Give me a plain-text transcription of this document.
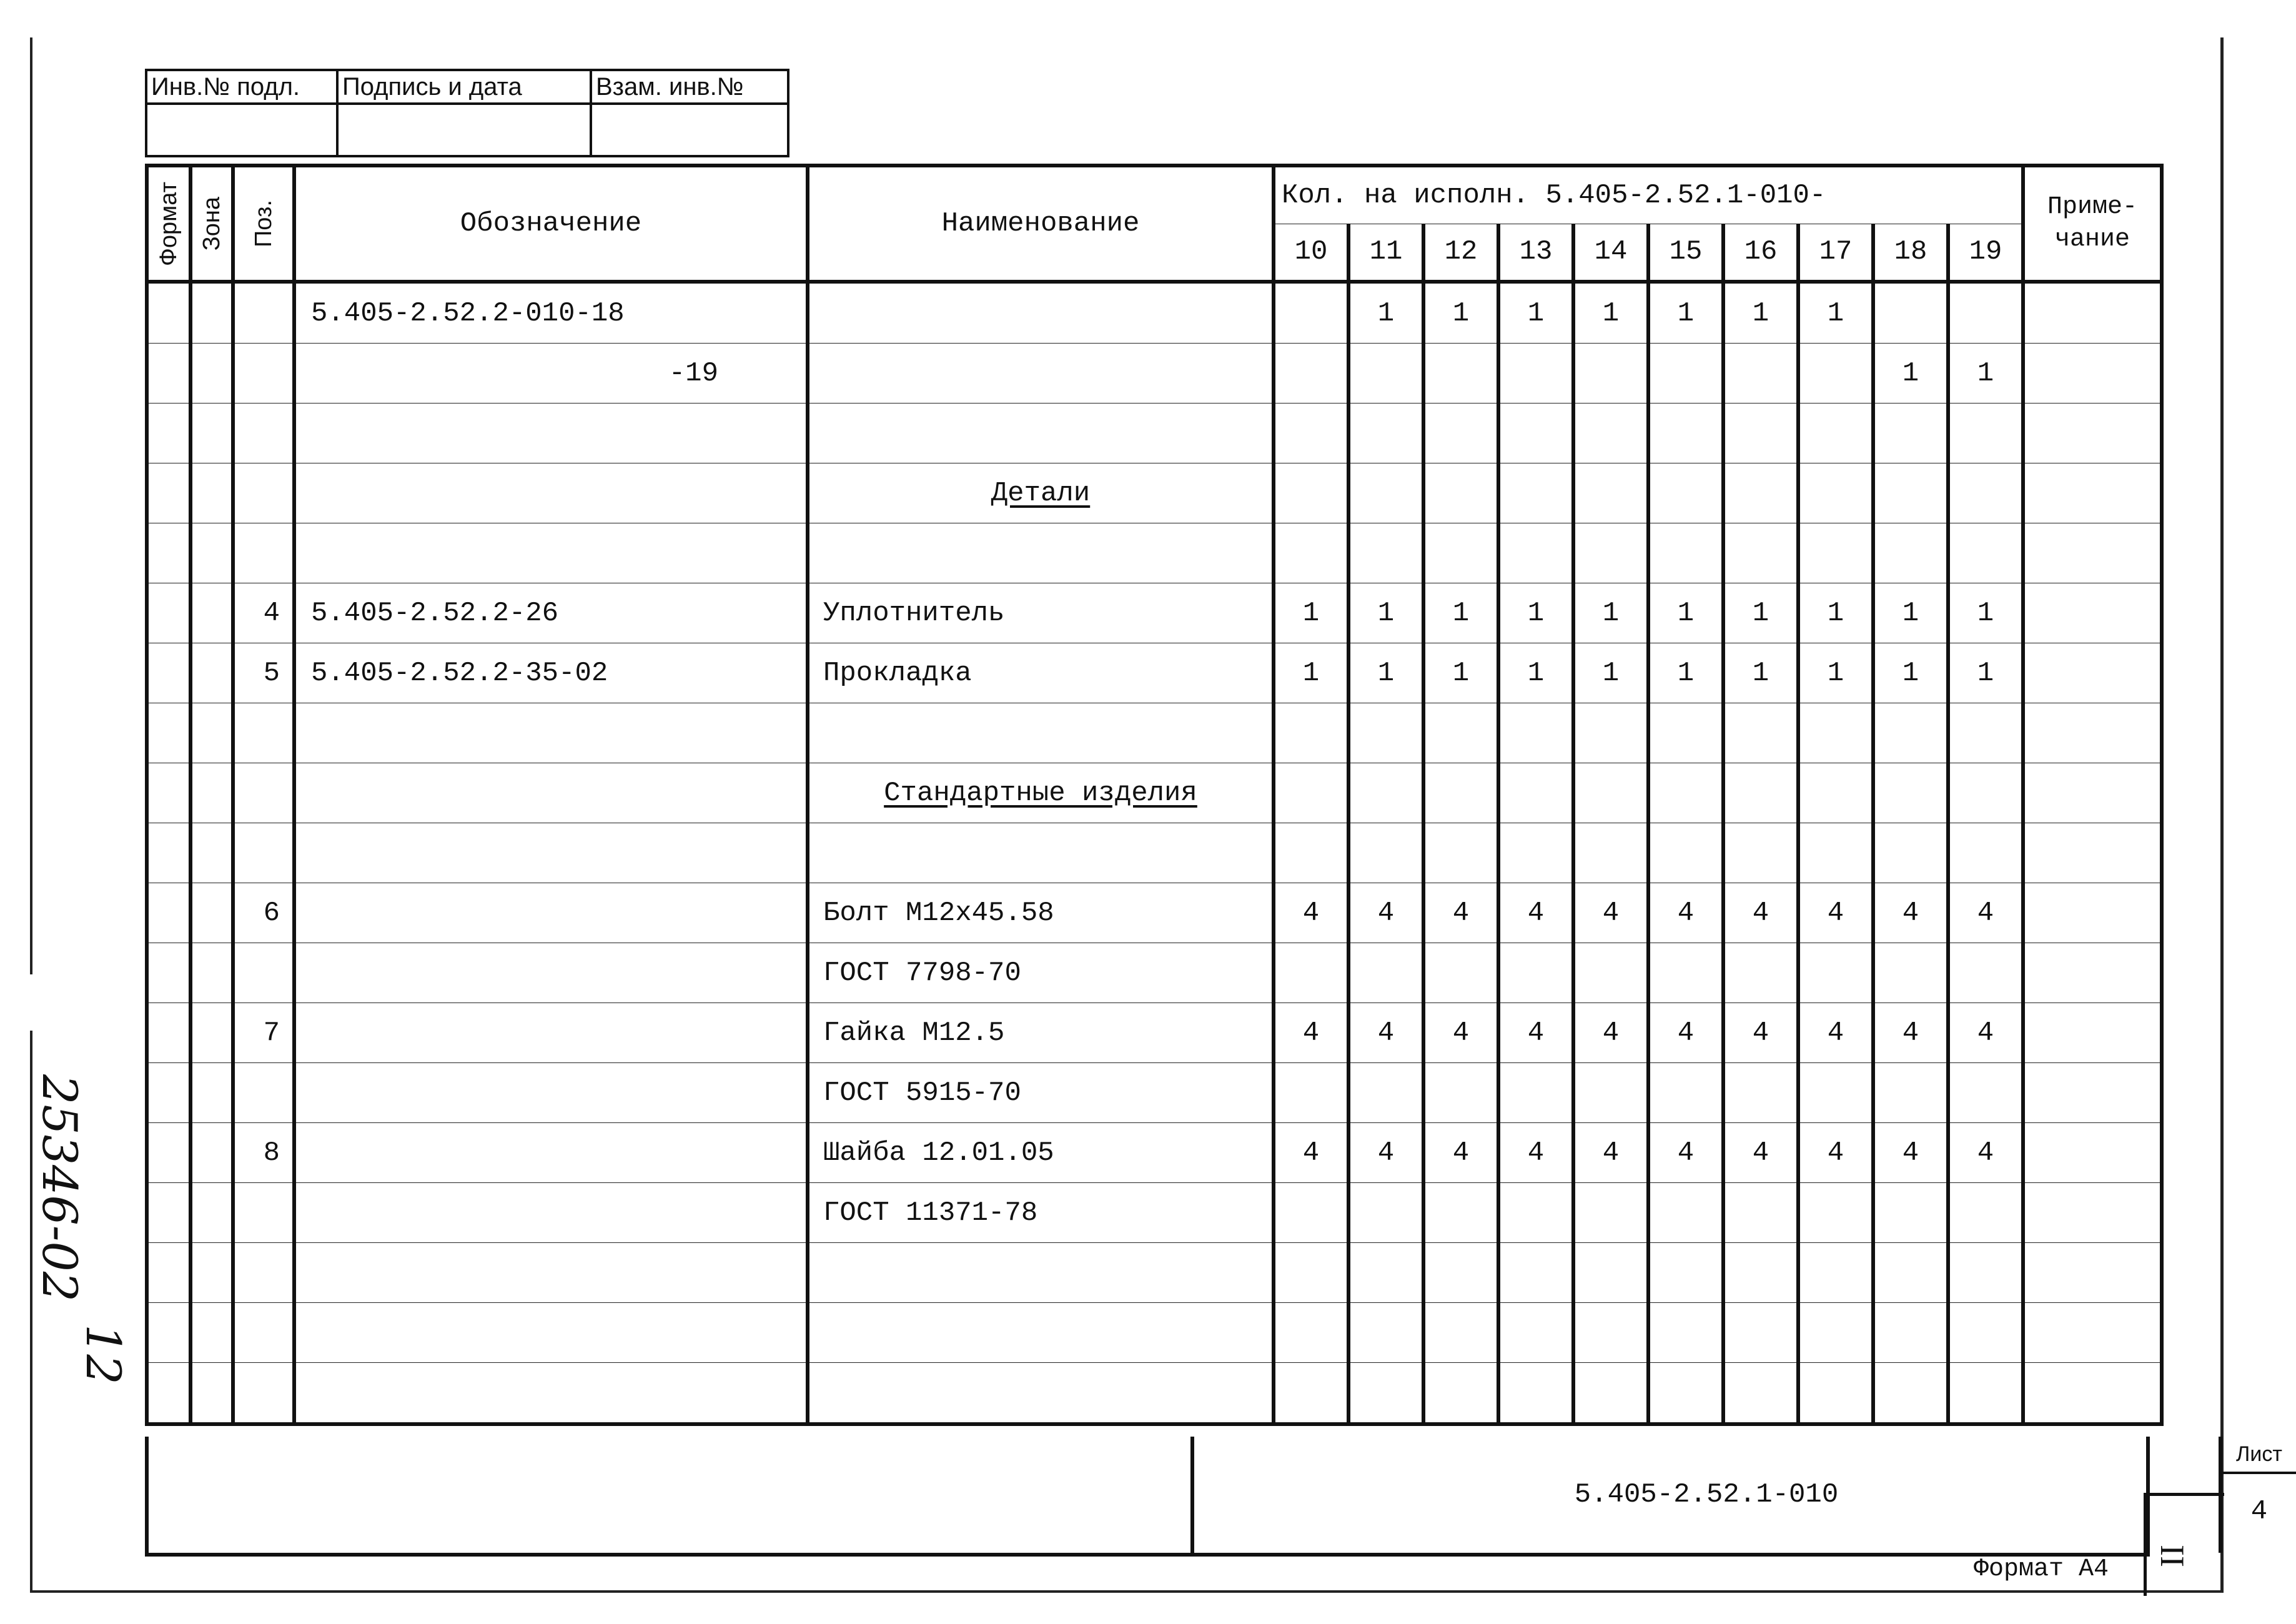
Инв.№ подл.	Подпись и дата	Взам. инв.№

Формат	Зона	Поз.	Обозначение	Наименование	Кол. на исполн. 5.405-2.52.1-010-										Приме- чание
					10	11	12	13	14	15	16	17	18	19	
			5.405-2.52.2-010-18			1	1	1	1	1	1	1			
			-19										1	1	

				Детали											

		4	5.405-2.52.2-26	Уплотнитель	1	1	1	1	1	1	1	1	1	1	
		5	5.405-2.52.2-35-02	Прокладка	1	1	1	1	1	1	1	1	1	1	

				Стандартные изделия											

		6		Болт М12х45.58	4	4	4	4	4	4	4	4	4	4	
				ГОСТ 7798-70											
		7		Гайка М12.5	4	4	4	4	4	4	4	4	4	4	
				ГОСТ 5915-70											
		8		Шайба 12.01.05	4	4	4	4	4	4	4	4	4	4	
				ГОСТ 11371-78											

5.405-2.52.1-010
Лист
4
Формат А4 II
25346-02
12
